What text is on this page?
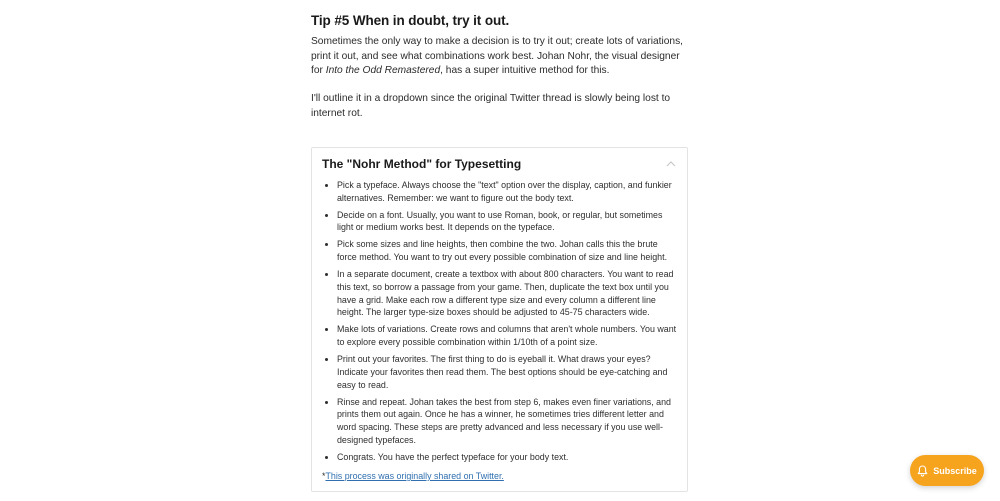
Tip #5 When in doubt, try it out.

Sometimes the only way to make a decision is to try it out; create lots of variations, print it out, and see what combinations work best. Johan Nohr, the visual designer for Into the Odd Remastered, has a super intuitive method for this.

I'll outline it in a dropdown since the original Twitter thread is slowly being lost to internet rot.

The "Nohr Method" for Typesetting
Pick a typeface. Always choose the "text" option over the display, caption, and funkier alternatives. Remember: we want to figure out the body text.
Decide on a font. Usually, you want to use Roman, book, or regular, but sometimes light or medium works best. It depends on the typeface.
Pick some sizes and line heights, then combine the two. Johan calls this the brute force method. You want to try out every possible combination of size and line height.
In a separate document, create a textbox with about 800 characters. You want to read this text, so borrow a passage from your game. Then, duplicate the text box until you have a grid. Make each row a different type size and every column a different line height. The larger type-size boxes should be adjusted to 45-75 characters wide.
Make lots of variations. Create rows and columns that aren't whole numbers. You want to explore every possible combination within 1/10th of a point size.
Print out your favorites. The first thing to do is eyeball it. What draws your eyes? Indicate your favorites then read them. The best options should be eye-catching and easy to read.
Rinse and repeat. Johan takes the best from step 6, makes even finer variations, and prints them out again. Once he has a winner, he sometimes tries different letter and word spacing. These steps are pretty advanced and less necessary if you use well-designed typefaces.
Congrats. You have the perfect typeface for your body text.

*This process was originally shared on Twitter.

Subscribe
